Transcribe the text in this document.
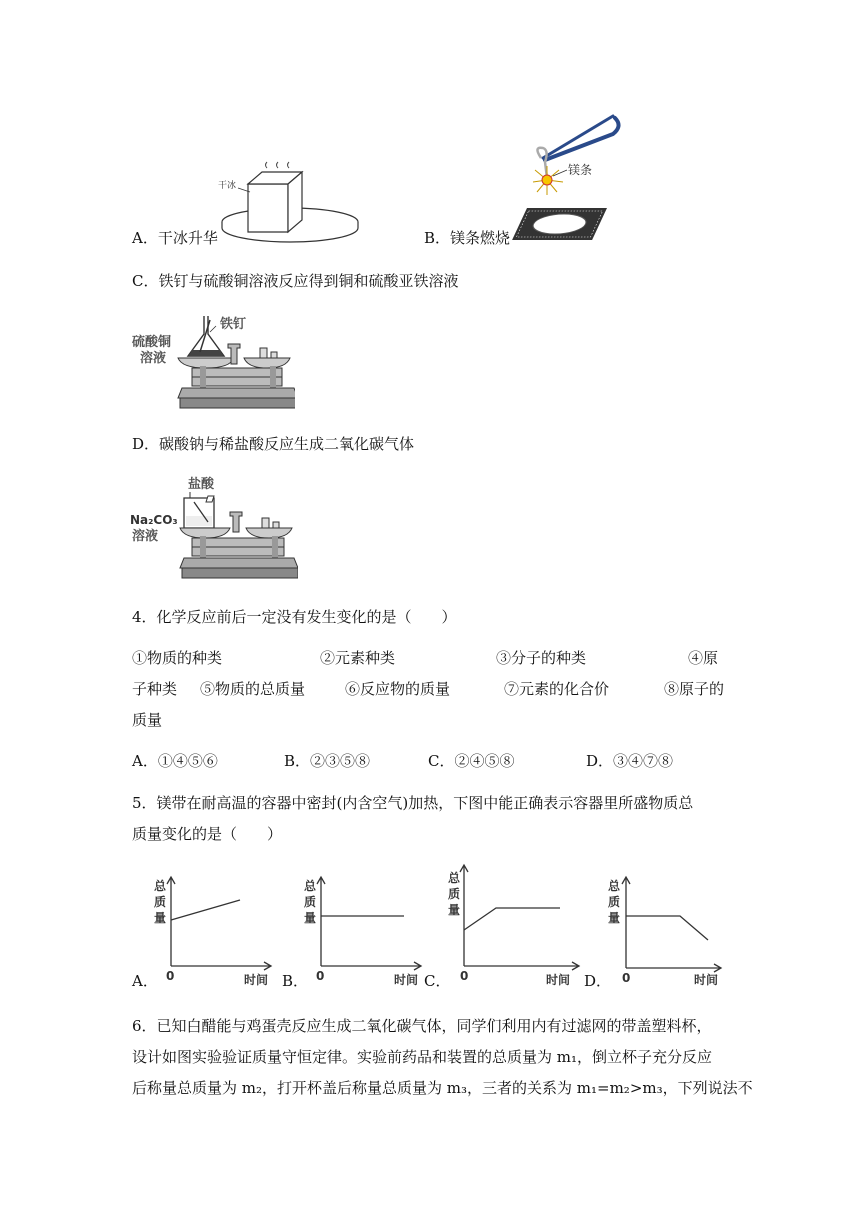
干冰
A．干冰升华
镁条
B．镁条燃烧
C．铁钉与硫酸铜溶液反应得到铜和硫酸亚铁溶液
铁钉
硫酸铜
溶液
D．碳酸钠与稀盐酸反应生成二氧化碳气体
盐酸
Na₂CO₃
溶液
4．化学反应前后一定没有发生变化的是（　　）
①物质的种类	②元素种类	③分子的种类	④原
子种类 ⑤物质的总质量	⑥反应物的质量	⑦元素的化合价	⑧原子的
质量
A．①④⑤⑥	B．②③⑤⑧	C．②④⑤⑧	D．③④⑦⑧
5．镁带在耐高温的容器中密封(内含空气)加热，下图中能正确表示容器里所盛物质总
质量变化的是（　　）
总
质
量
0	时间
A．
总
质
量
0	时间
B．
总
质
量
0	时间
C．
总
质
量
0	时间
D．
6．已知白醋能与鸡蛋壳反应生成二氧化碳气体，同学们利用内有过滤网的带盖塑料杯，
设计如图实验验证质量守恒定律。实验前药品和装置的总质量为 m₁，倒立杯子充分反应
后称量总质量为 m₂，打开杯盖后称量总质量为 m₃，三者的关系为 m₁=m₂>m₃，下列说法不
